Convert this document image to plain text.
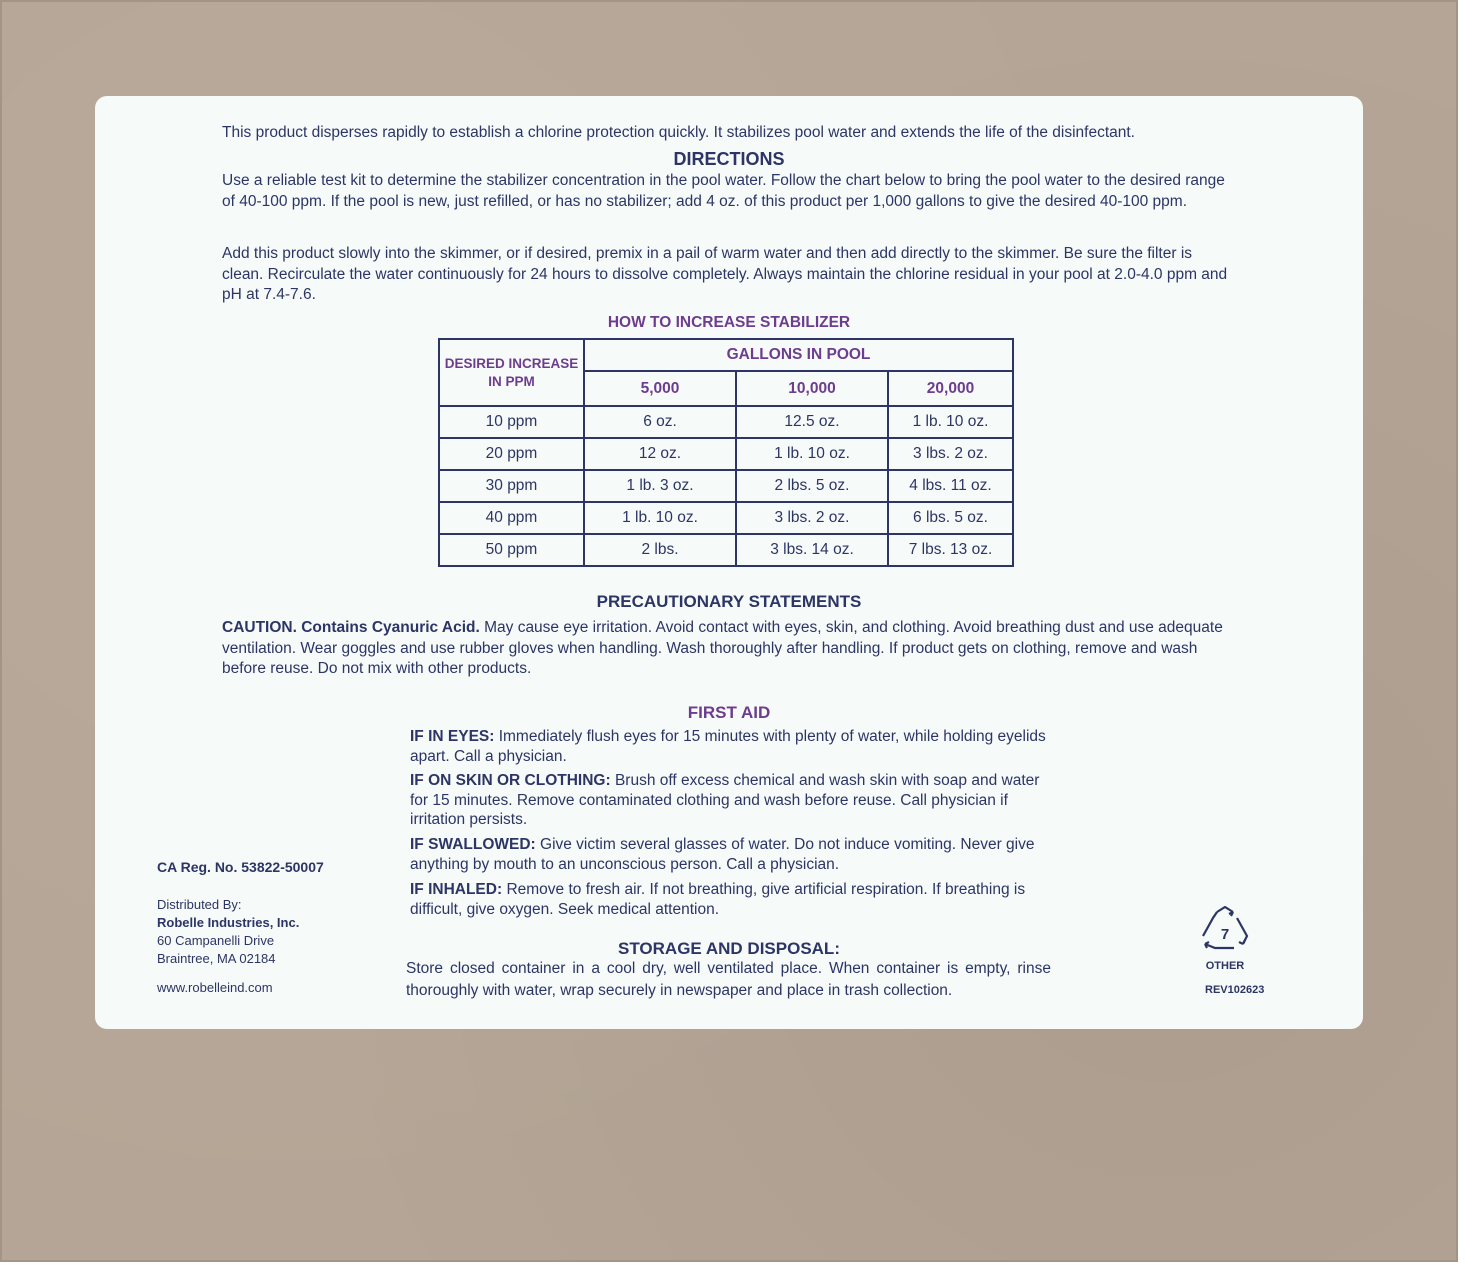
This product disperses rapidly to establish a chlorine protection quickly. It stabilizes pool water and extends the life of the disinfectant.

DIRECTIONS

Use a reliable test kit to determine the stabilizer concentration in the pool water. Follow the chart below to bring the pool water to the desired range of 40-100 ppm. If the pool is new, just refilled, or has no stabilizer; add 4 oz. of this product per 1,000 gallons to give the desired 40-100 ppm.

Add this product slowly into the skimmer, or if desired, premix in a pail of warm water and then add directly to the skimmer. Be sure the filter is clean. Recirculate the water continuously for 24 hours to dissolve completely. Always maintain the chlorine residual in your pool at 2.0-4.0 ppm and pH at 7.4-7.6.

HOW TO INCREASE STABILIZER
DESIRED INCREASE IN PPM	GALLONS IN POOL		
	5,000	10,000	20,000
10 ppm	6 oz.	12.5 oz.	1 lb. 10 oz.
20 ppm	12 oz.	1 lb. 10 oz.	3 lbs. 2 oz.
30 ppm	1 lb. 3 oz.	2 lbs. 5 oz.	4 lbs. 11 oz.
40 ppm	1 lb. 10 oz.	3 lbs. 2 oz.	6 lbs. 5 oz.
50 ppm	2 lbs.	3 lbs. 14 oz.	7 lbs. 13 oz.
PRECAUTIONARY STATEMENTS

CAUTION. Contains Cyanuric Acid. May cause eye irritation. Avoid contact with eyes, skin, and clothing. Avoid breathing dust and use adequate ventilation. Wear goggles and use rubber gloves when handling. Wash thoroughly after handling. If product gets on clothing, remove and wash before reuse. Do not mix with other products.

FIRST AID

IF IN EYES: Immediately flush eyes for 15 minutes with plenty of water, while holding eyelids apart. Call a physician.

IF ON SKIN OR CLOTHING: Brush off excess chemical and wash skin with soap and water for 15 minutes. Remove contaminated clothing and wash before reuse. Call physician if irritation persists.

IF SWALLOWED: Give victim several glasses of water. Do not induce vomiting. Never give anything by mouth to an unconscious person. Call a physician.

IF INHALED: Remove to fresh air. If not breathing, give artificial respiration. If breathing is difficult, give oxygen. Seek medical attention.

STORAGE AND DISPOSAL:

Store closed container in a cool dry, well ventilated place. When container is empty, rinse thoroughly with water, wrap securely in newspaper and place in trash collection.

CA Reg. No. 53822-50007
Distributed By:
Robelle Industries, Inc.
60 Campanelli Drive
Braintree, MA 02184
www.robelleind.com
7
OTHER
REV102623
